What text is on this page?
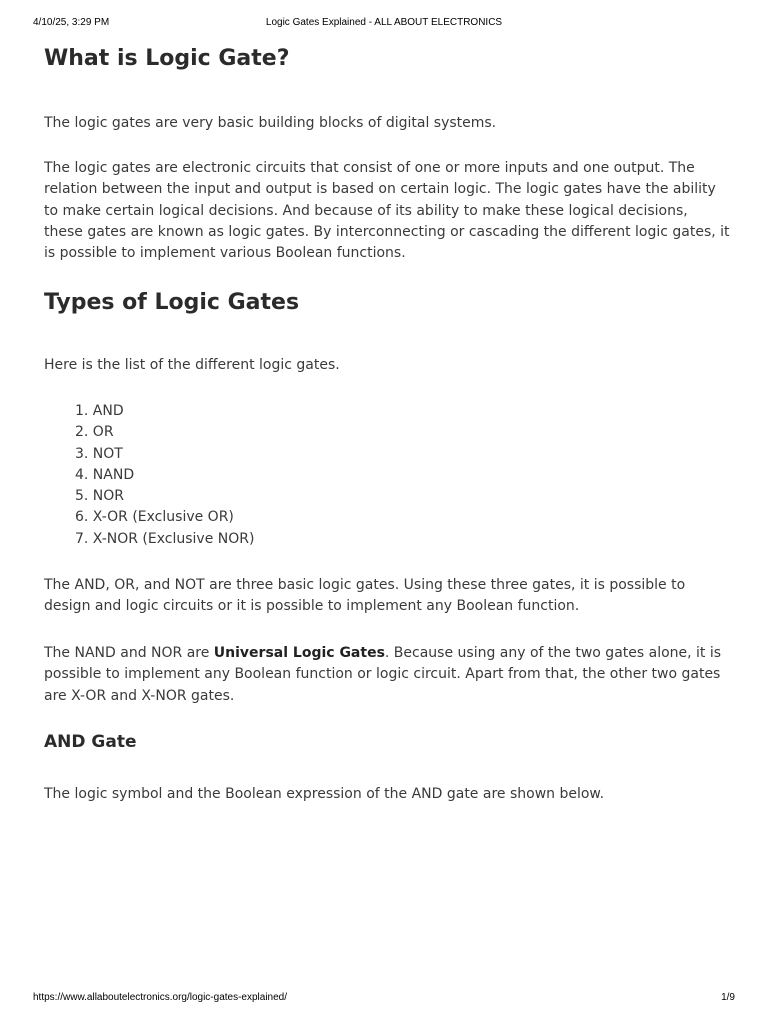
4/10/25, 3:29 PM	Logic Gates Explained - ALL ABOUT ELECTRONICS
What is Logic Gate?

The logic gates are very basic building blocks of digital systems.

The logic gates are electronic circuits that consist of one or more inputs and one output. The
relation between the input and output is based on certain logic. The logic gates have the ability
to make certain logical decisions. And because of its ability to make these logical decisions,
these gates are known as logic gates. By interconnecting or cascading the different logic gates, it
is possible to implement various Boolean functions.

Types of Logic Gates

Here is the list of the different logic gates.

1. AND
2. OR
3. NOT
4. NAND
5. NOR
6. X-OR (Exclusive OR)
7. X-NOR (Exclusive NOR)

The AND, OR, and NOT are three basic logic gates. Using these three gates, it is possible to
design and logic circuits or it is possible to implement any Boolean function.

The NAND and NOR are Universal Logic Gates. Because using any of the two gates alone, it is
possible to implement any Boolean function or logic circuit. Apart from that, the other two gates
are X-OR and X-NOR gates.

AND Gate

The logic symbol and the Boolean expression of the AND gate are shown below.

https://www.allaboutelectronics.org/logic-gates-explained/	1/9
